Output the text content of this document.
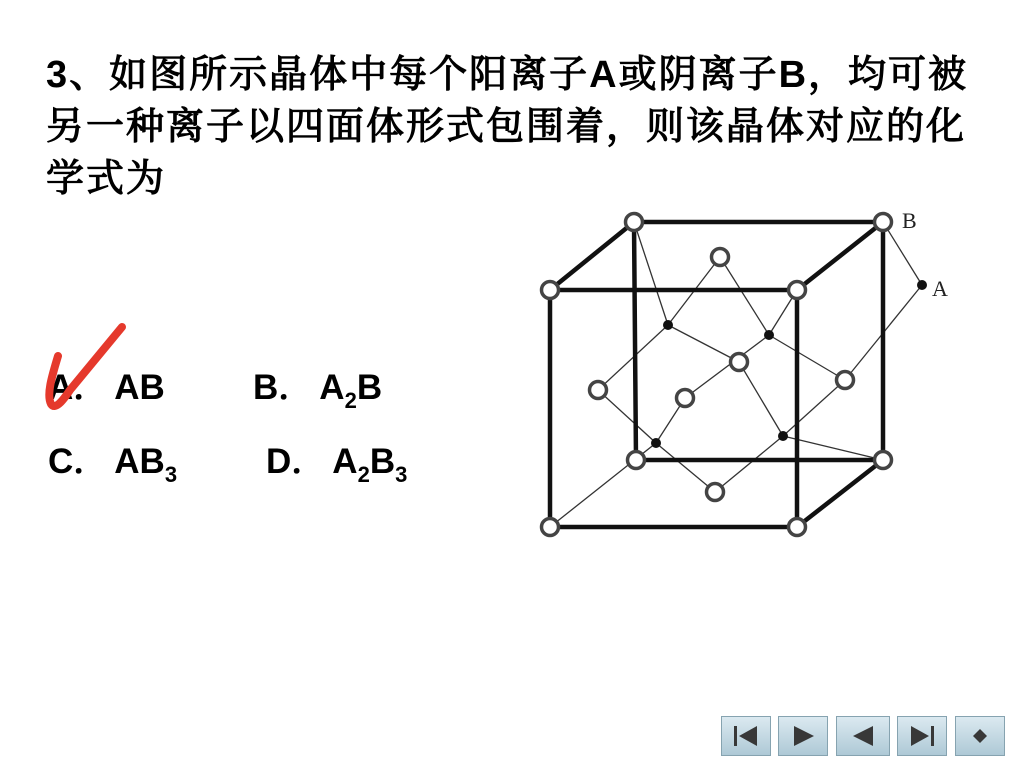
3、如图所示晶体中每个阳离子A或阴离子B，均可被
另一种离子以四面体形式包围着，则该晶体对应的化
学式为
A． AB	B． $A_2B$
C． $AB_3$	D． $A_2B_3$
B
A
